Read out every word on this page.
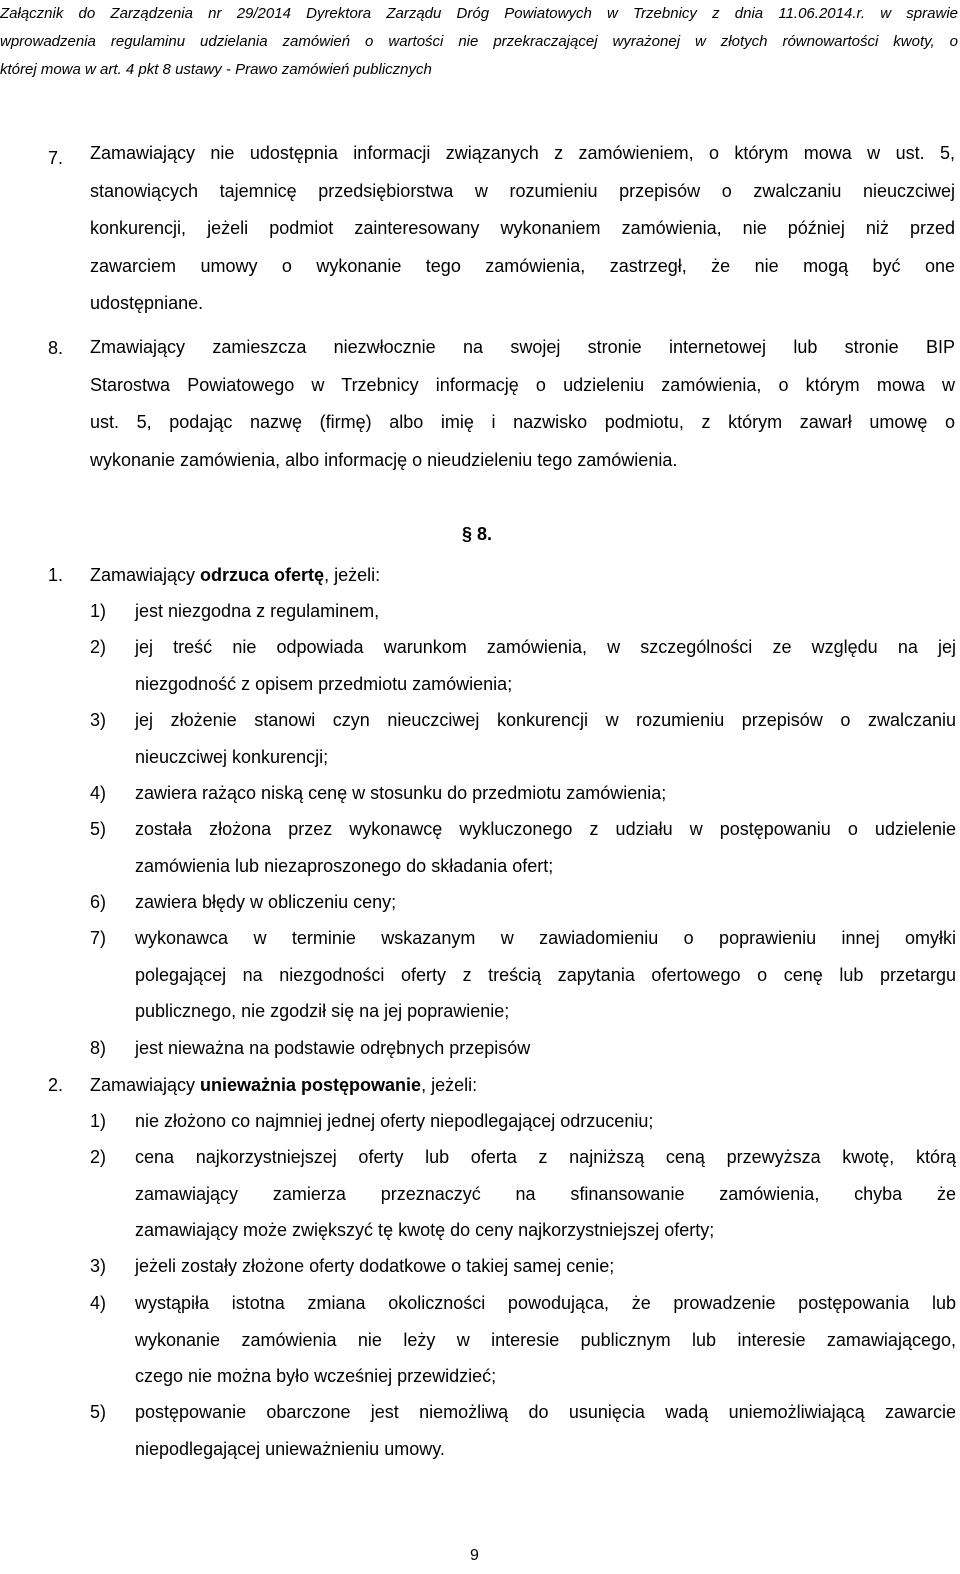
Załącznik do Zarządzenia nr 29/2014 Dyrektora Zarządu Dróg Powiatowych w Trzebnicy z dnia 11.06.2014.r. w sprawie
wprowadzenia regulaminu udzielania zamówień o wartości nie przekraczającej wyrażonej w złotych równowartości kwoty, o
której mowa w art. 4 pkt 8 ustawy - Prawo zamówień publicznych
7. Zamawiający nie udostępnia informacji związanych z zamówieniem, o którym mowa w ust. 5,
stanowiących tajemnicę przedsiębiorstwa w rozumieniu przepisów o zwalczaniu nieuczciwej
konkurencji, jeżeli podmiot zainteresowany wykonaniem zamówienia, nie później niż przed
zawarciem umowy o wykonanie tego zamówienia, zastrzegł, że nie mogą być one
udostępniane.
8. Zmawiający zamieszcza niezwłocznie na swojej stronie internetowej lub stronie BIP
Starostwa Powiatowego w Trzebnicy informację o udzieleniu zamówienia, o którym mowa w
ust. 5, podając nazwę (firmę) albo imię i nazwisko podmiotu, z którym zawarł umowę o
wykonanie zamówienia, albo informację o nieudzieleniu tego zamówienia.
§ 8.
1. Zamawiający odrzuca ofertę, jeżeli:
1) jest niezgodna z regulaminem,
2) jej treść nie odpowiada warunkom zamówienia, w szczególności ze względu na jej
niezgodność z opisem przedmiotu zamówienia;
3) jej złożenie stanowi czyn nieuczciwej konkurencji w rozumieniu przepisów o zwalczaniu
nieuczciwej konkurencji;
4) zawiera rażąco niską cenę w stosunku do przedmiotu zamówienia;
5) została złożona przez wykonawcę wykluczonego z udziału w postępowaniu o udzielenie
zamówienia lub niezaproszonego do składania ofert;
6) zawiera błędy w obliczeniu ceny;
7) wykonawca w terminie wskazanym w zawiadomieniu o poprawieniu innej omyłki
polegającej na niezgodności oferty z treścią zapytania ofertowego o cenę lub przetargu
publicznego, nie zgodził się na jej poprawienie;
8) jest nieważna na podstawie odrębnych przepisów
2. Zamawiający unieważnia postępowanie, jeżeli:
1) nie złożono co najmniej jednej oferty niepodlegającej odrzuceniu;
2) cena najkorzystniejszej oferty lub oferta z najniższą ceną przewyższa kwotę, którą
zamawiający zamierza przeznaczyć na sfinansowanie zamówienia, chyba że
zamawiający może zwiększyć tę kwotę do ceny najkorzystniejszej oferty;
3) jeżeli zostały złożone oferty dodatkowe o takiej samej cenie;
4) wystąpiła istotna zmiana okoliczności powodująca, że prowadzenie postępowania lub
wykonanie zamówienia nie leży w interesie publicznym lub interesie zamawiającego,
czego nie można było wcześniej przewidzieć;
5) postępowanie obarczone jest niemożliwą do usunięcia wadą uniemożliwiającą zawarcie
niepodlegającej unieważnieniu umowy.
9
